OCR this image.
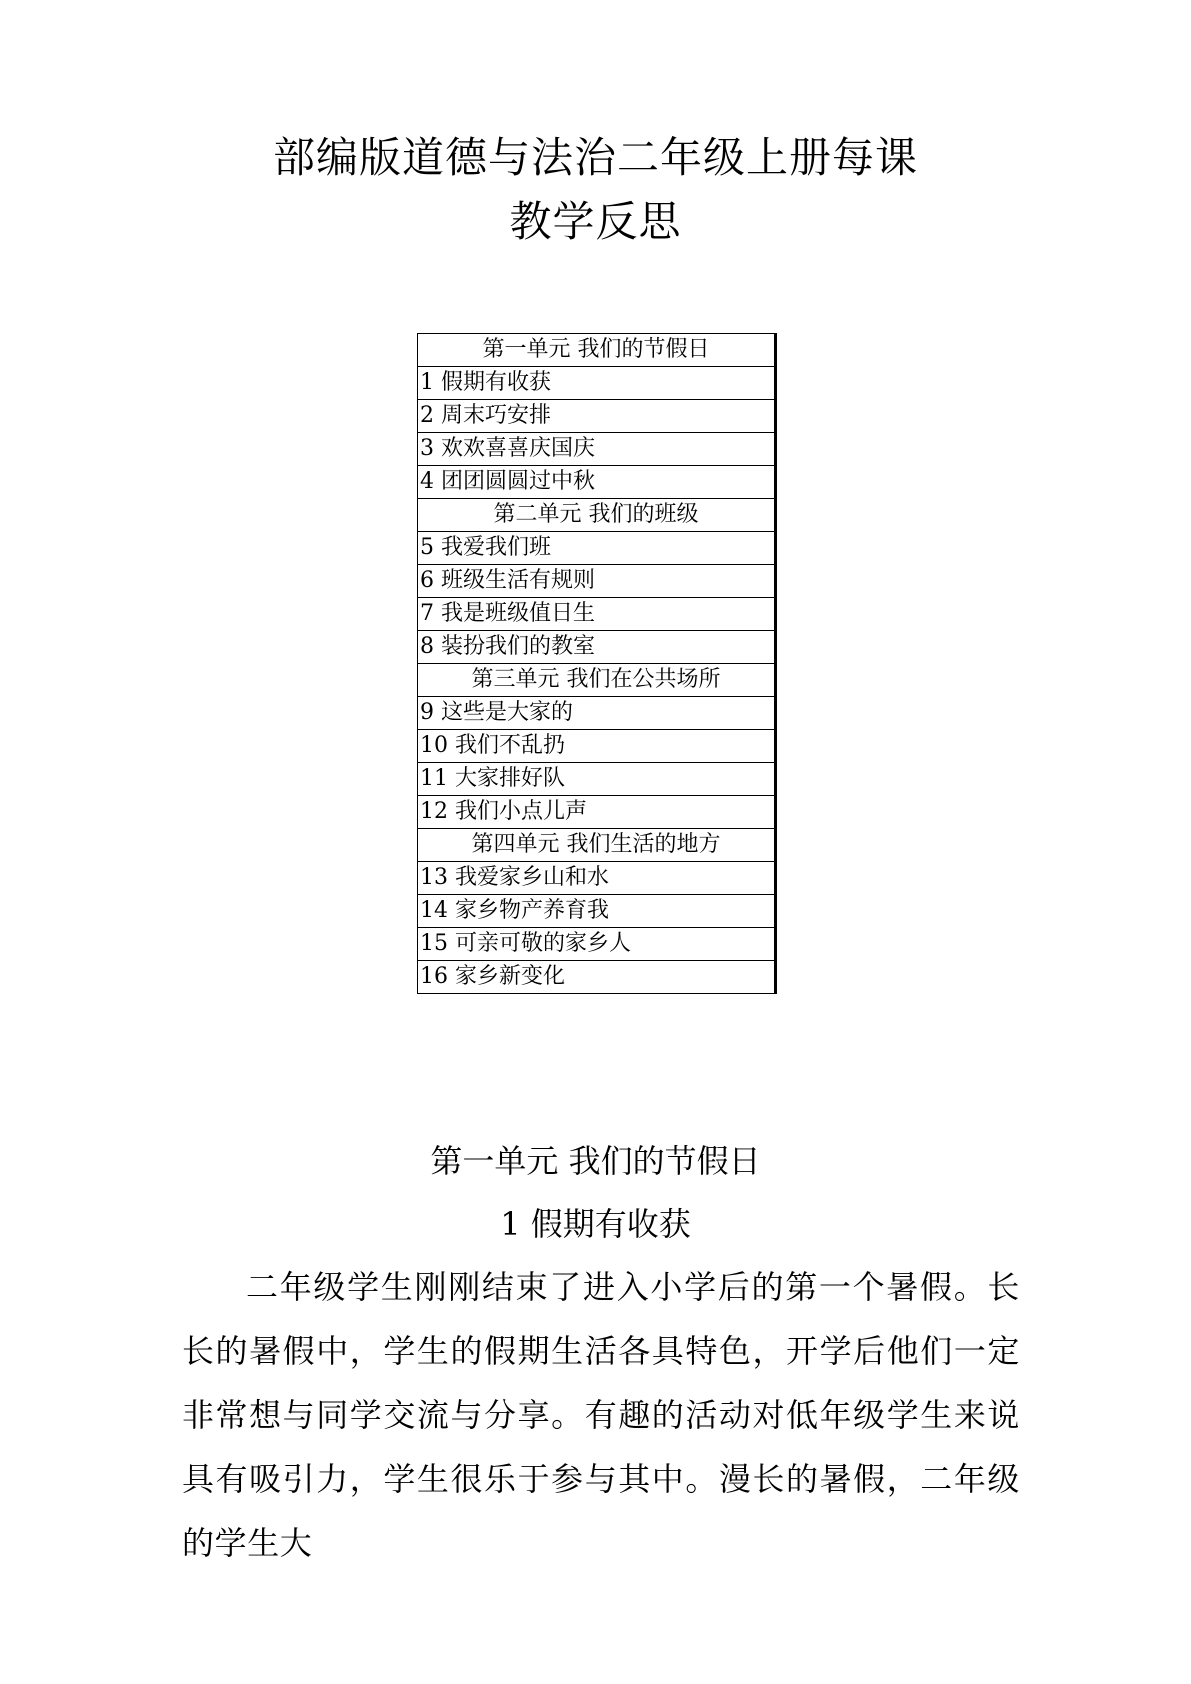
部编版道德与法治二年级上册每课
教学反思
第一单元 我们的节假日
1 假期有收获
2 周末巧安排
3 欢欢喜喜庆国庆
4 团团圆圆过中秋
第二单元 我们的班级
5 我爱我们班
6 班级生活有规则
7 我是班级值日生
8 装扮我们的教室
第三单元 我们在公共场所
9 这些是大家的
10 我们不乱扔
11 大家排好队
12 我们小点儿声
第四单元 我们生活的地方
13 我爱家乡山和水
14 家乡物产养育我
15 可亲可敬的家乡人
16 家乡新变化
第一单元 我们的节假日
1 假期有收获

二年级学生刚刚结束了进入小学后的第一个暑假。长长的暑假中，学生的假期生活各具特色，开学后他们一定非常想与同学交流与分享。有趣的活动对低年级学生来说具有吸引力，学生很乐于参与其中。漫长的暑假，二年级的学生大
